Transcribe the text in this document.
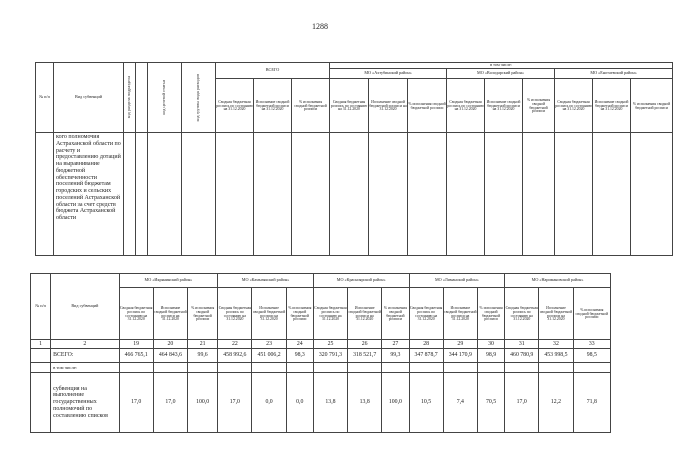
1288
№ п/п	Вид субвенций	код раздела подраздела		код целевой статьи	код группы вида расходов	ВСЕГО			в том числе:								
									МО «Ахтубинский район»			МО «Володарский район»			МО «Енотаевский район»		
						Сводная бюджетная роспись по состоянию на 31.12.2020	Исполнение сводной бюджетной росписи на 31.12.2020	% исполнения сводной бюджетной росписи	Сводная бюджетная роспись по состоянию на 31.12.2020	Исполнение сводной бюджетной росписи на 31.12.2020	% исполнения сводной бюджетной росписи	Сводная бюджетная роспись по состоянию на 31.12.2020	Исполнение сводной бюджетной росписи на 31.12.2020	% исполнения сводной бюджетной росписи	Сводная бюджетная роспись по состоянию на 31.12.2020	Исполнение сводной бюджетной росписи на 31.12.2020	% исполнения сводной бюджетной росписи
	кого полномочия Астраханской области по расчету и предоставлению дотаций на выравнивание бюджетной обеспеченности поселений бюджетам городских и сельских поселений Астраханской области за счет средств бюджета Астраханской области																
№ п/п	Вид субвенций	МО «Икрянинский район»			МО «Камызякский район»			МО «Красноярский район»			МО «Лиманский район»			МО «Наримановский район»		
		Сводная бюджетная роспись по состоянию на 31.12.2020	Исполнение сводной бюджетной росписи на 31.12.2020	% исполнения сводной бюджетной росписи	Сводная бюджетная роспись по состоянию на 31.12.2020	Исполнение сводной бюджетной росписи на 31.12.2020	% исполнения сводной бюджетной росписи	Сводная бюджетная роспись по состоянию на 31.12.2020	Исполнение сводной бюджетной росписи на 31.12.2020	% исполнения сводной бюджетной росписи	Сводная бюджетная роспись по состоянию на 31.12.2020	Исполнение сводной бюджетной росписи на 31.12.2020	% исполнения сводной бюджетной росписи	Сводная бюджетная роспись по состоянию на 31.12.2020	Исполнение сводной бюджетной росписи на 31.12.2020	% исполнения сводной бюджетной росписи
1	2	19	20	21	22	23	24	25	26	27	28	29	30	31	32	33
	ВСЕГО:	466 765,1	464 843,6	99,6	458 992,6	451 006,2	98,3	320 791,3	318 521,7	99,3	347 878,7	344 170,9	98,9	460 780,9	453 998,5	98,5
	в том числе:															
	субвенция на выполнение государственных полномочий по составлению списков	17,0	17,0	100,0	17,0	0,0	0,0	13,8	13,8	100,0	10,5	7,4	70,5	17,0	12,2	71,8
